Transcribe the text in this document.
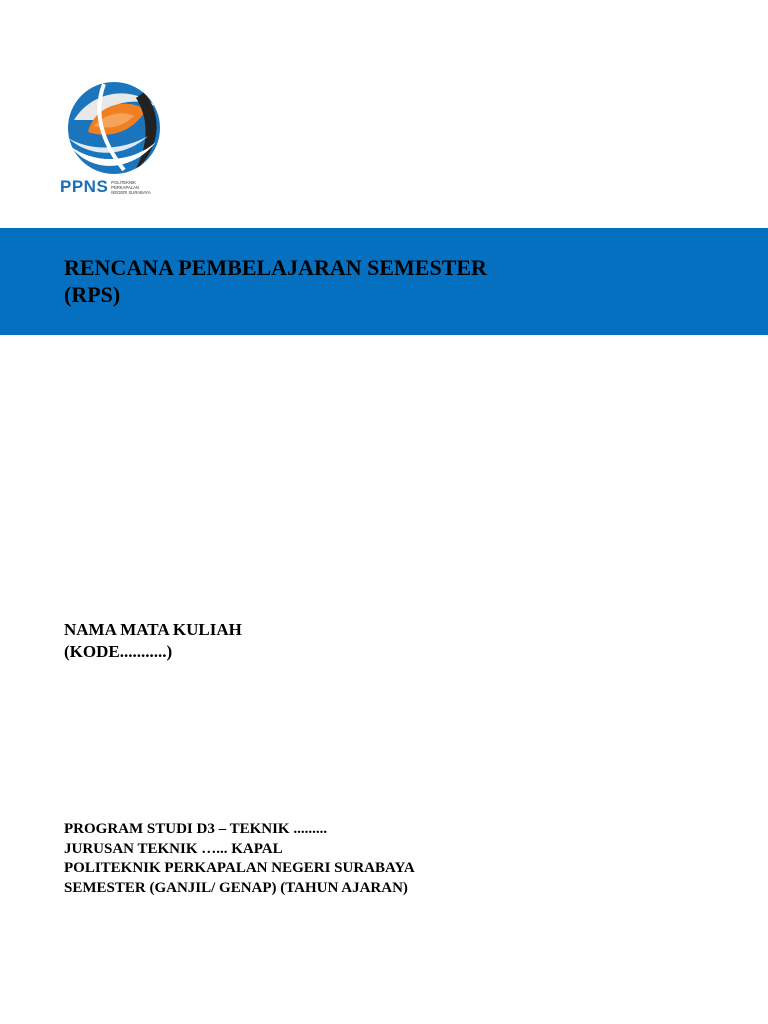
PPNS POLITEKNIK
PERKAPALAN
NEGERI SURABAYA
RENCANA PEMBELAJARAN SEMESTER
(RPS)
NAMA MATA KULIAH
(KODE...........)
PROGRAM STUDI D3 – TEKNIK .........
JURUSAN TEKNIK …... KAPAL
POLITEKNIK PERKAPALAN NEGERI SURABAYA
SEMESTER (GANJIL/ GENAP) (TAHUN AJARAN)
